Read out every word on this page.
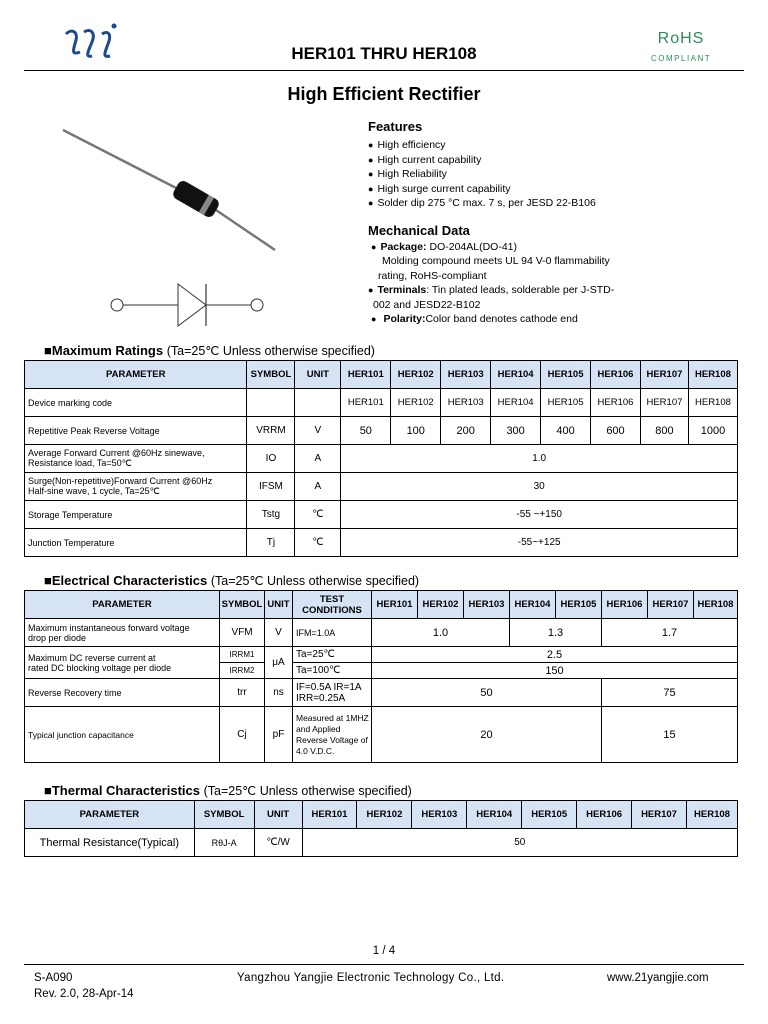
HER101 THRU HER108
RoHS
COMPLIANT
High Efficient Rectifier
Features
● High efficiency
● High current capability
● High Reliability
● High surge current capability
● Solder dip 275 °C max. 7 s, per JESD 22-B106
Mechanical Data
● Package: DO-204AL(DO-41)
Molding compound meets UL 94 V-0 flammability
rating, RoHS-compliant
● Terminals: Tin plated leads, solderable per J-STD-
002 and JESD22-B102
● Polarity:Color band denotes cathode end
■Maximum Ratings (Ta=25℃ Unless otherwise specified)
PARAMETER	SYMBOL	UNIT	HER101	HER102	HER103	HER104	HER105	HER106	HER107	HER108
Device marking code			HER101	HER102	HER103	HER104	HER105	HER106	HER107	HER108
Repetitive Peak Reverse Voltage	VRRM	V	50	100	200	300	400	600	800	1000

Average Forward Current @60Hz sinewave,
Resistance load, Ta=50℃	IO	A	1.0							

Surge(Non-repetitive)Forward Current @60Hz
Half-sine wave, 1 cycle, Ta=25℃	IFSM	A	30							
Storage Temperature	Tstg	℃	-55 ~+150							
Junction Temperature	Tj	℃	-55~+125							
■Electrical Characteristics (Ta=25℃ Unless otherwise specified)
PARAMETER	SYMBOL	UNIT	TEST CONDITIONS	HER101	HER102	HER103	HER104	HER105	HER106	HER107	HER108

Maximum instantaneous forward voltage
drop per diode	VFM	V	IFM=1.0A	1.0			1.3		1.7		

Maximum DC reverse current at
rated DC blocking voltage per diode	IRRM1	μA	Ta=25℃	2.5							
	IRRM2		Ta=100℃	150							
Reverse Recovery time	trr	ns	IF=0.5A IR=1A
IRR=0.25A	50					75		
Typical junction capacitance	Cj	pF	Measured at 1MHZ and Applied Reverse Voltage of 4.0 V.D.C.	20					15		
■Thermal Characteristics (Ta=25℃ Unless otherwise specified)
PARAMETER	SYMBOL	UNIT	HER101	HER102	HER103	HER104	HER105	HER106	HER107	HER108
Thermal Resistance(Typical)	RθJ-A	℃/W	50							
1 / 4
S-A090
Rev. 2.0, 28-Apr-14
Yangzhou Yangjie Electronic Technology Co., Ltd.	www.21yangjie.com
